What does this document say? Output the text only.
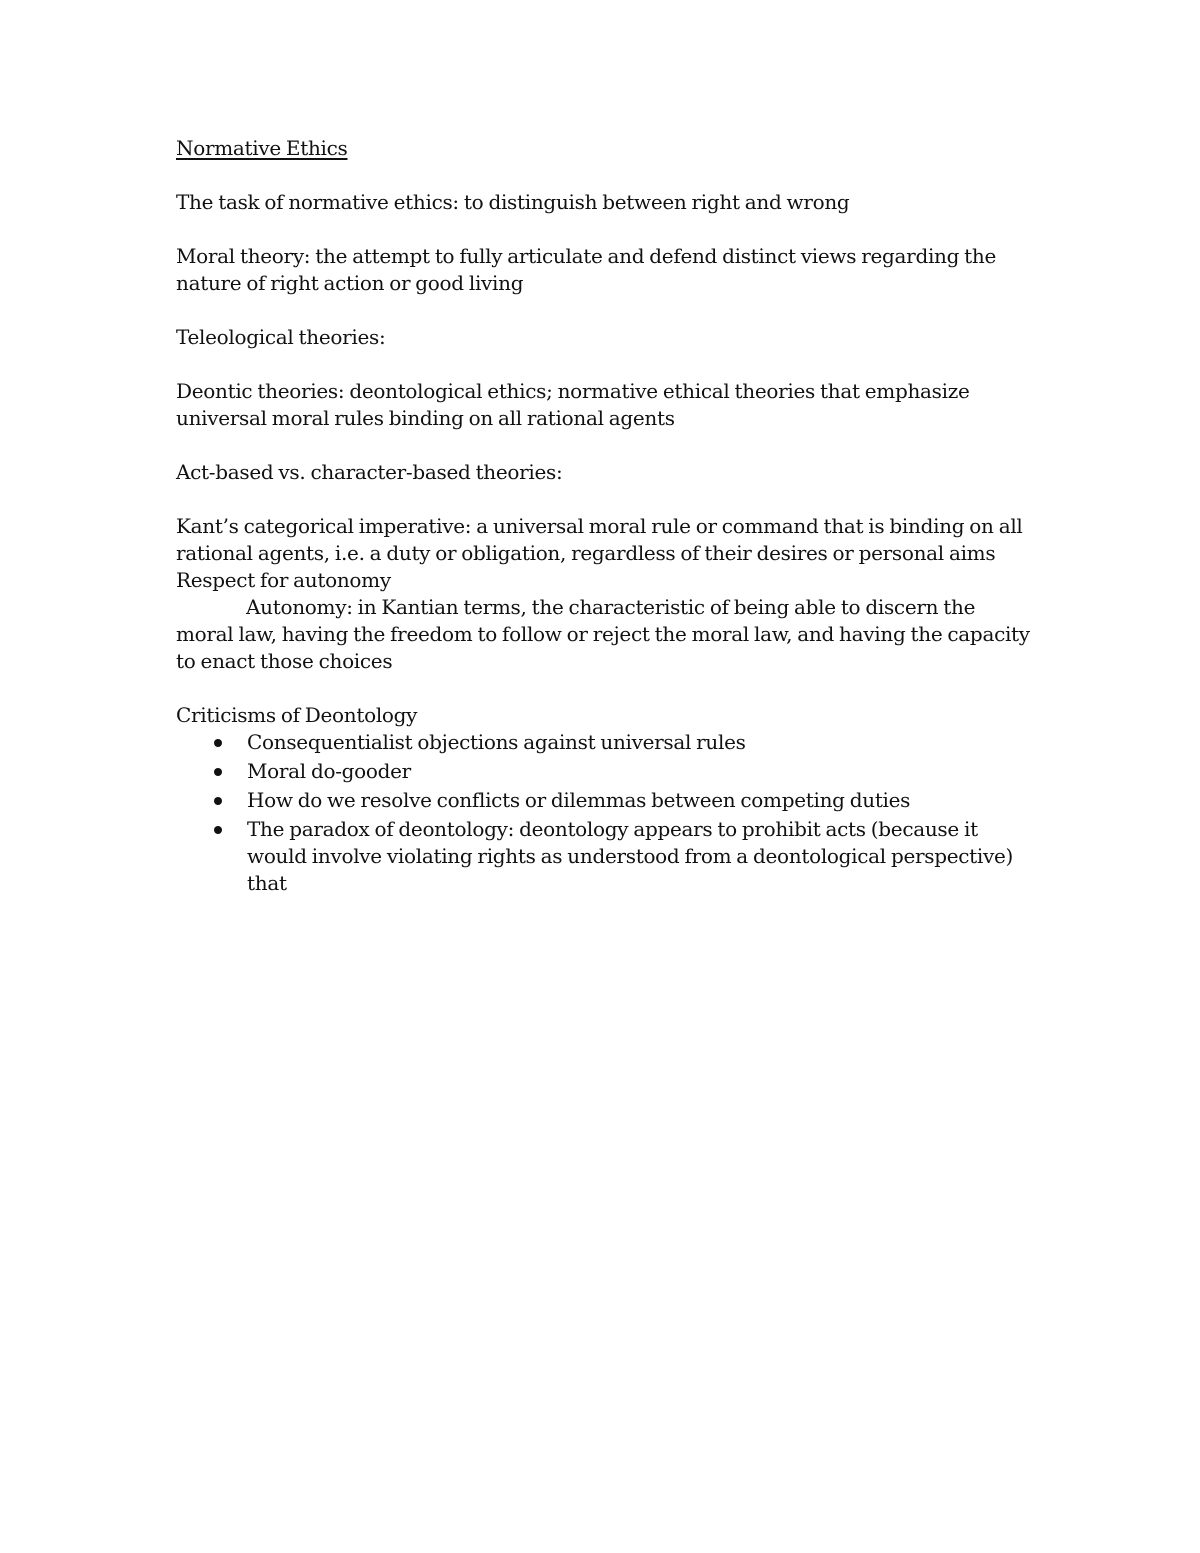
Normative Ethics

The task of normative ethics: to distinguish between right and wrong

Moral theory: the attempt to fully articulate and defend distinct views regarding the nature of right action or good living

Teleological theories:

Deontic theories: deontological ethics; normative ethical theories that emphasize universal moral rules binding on all rational agents

Act-based vs. character-based theories:

Kant’s categorical imperative: a universal moral rule or command that is binding on all rational agents, i.e. a duty or obligation, regardless of their desires or personal aims

Respect for autonomy

Autonomy: in Kantian terms, the characteristic of being able to discern the moral law, having the freedom to follow or reject the moral law, and having the capacity to enact those choices

Criticisms of Deontology

Consequentialist objections against universal rules
Moral do-gooder
How do we resolve conflicts or dilemmas between competing duties
The paradox of deontology: deontology appears to prohibit acts (because it would involve violating rights as understood from a deontological perspective) that
